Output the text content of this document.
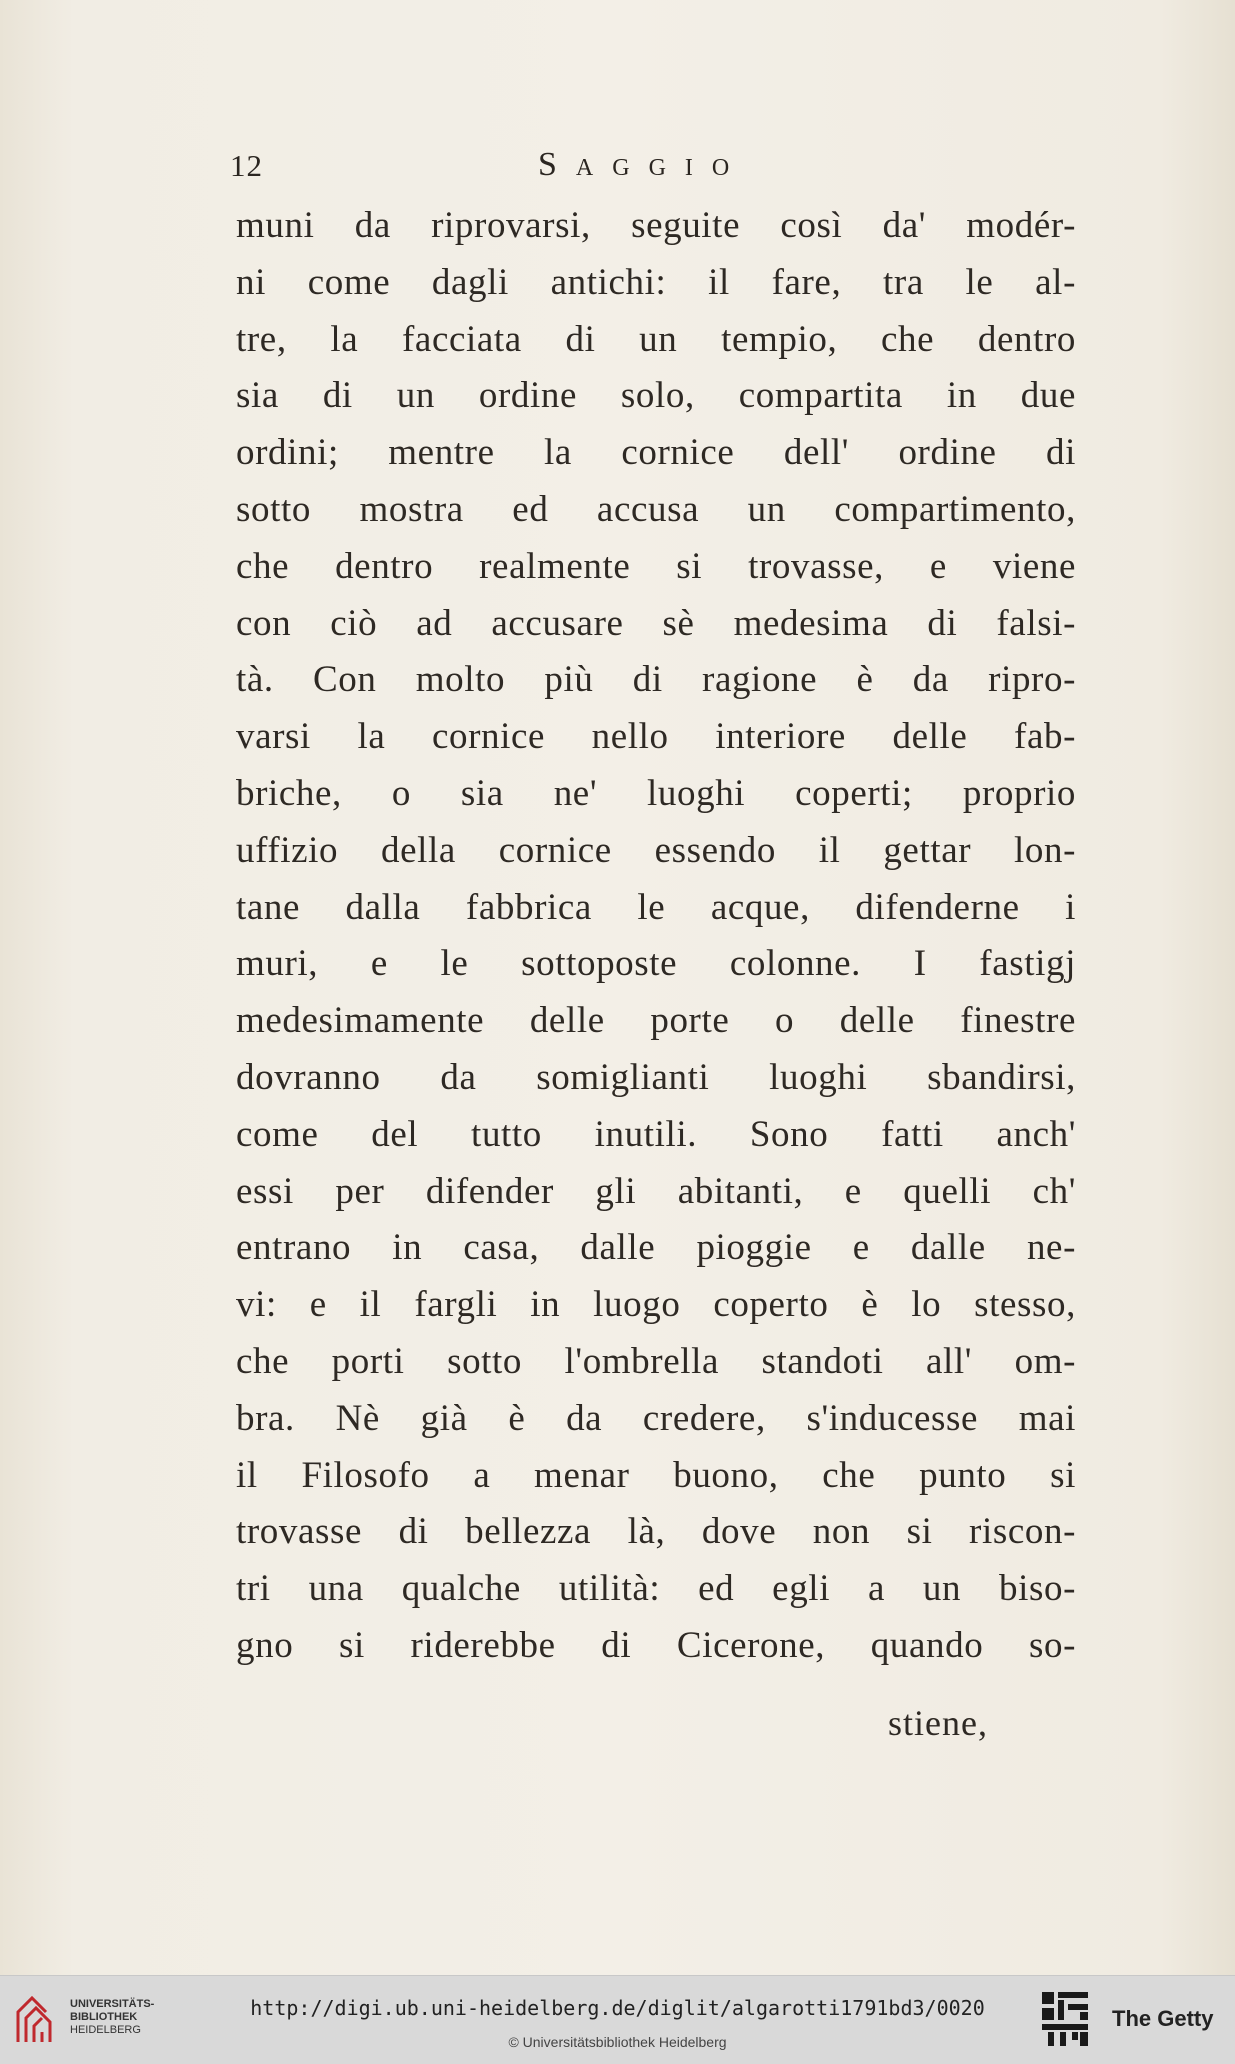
12	Saggio
muni da riprovarsi, seguite così da' modér-
ni come dagli antichi: il fare, tra le al-
tre, la facciata di un tempio, che dentro
sia di un ordine solo, compartita in due
ordini; mentre la cornice dell' ordine di
sotto mostra ed accusa un compartimento,
che dentro realmente si trovasse, e viene
con ciò ad accusare sè medesima di falsi-
tà. Con molto più di ragione è da ripro-
varsi la cornice nello interiore delle fab-
briche, o sia ne' luoghi coperti; proprio
uffizio della cornice essendo il gettar lon-
tane dalla fabbrica le acque, difenderne i
muri, e le sottoposte colonne. I fastigj
medesimamente delle porte o delle finestre
dovranno da somiglianti luoghi sbandirsi,
come del tutto inutili. Sono fatti anch'
essi per difender gli abitanti, e quelli ch'
entrano in casa, dalle pioggie e dalle ne-
vi: e il fargli in luogo coperto è lo stesso,
che porti sotto l'ombrella standoti all' om-
bra. Nè già è da credere, s'inducesse mai
il Filosofo a menar buono, che punto si
trovasse di bellezza là, dove non si riscon-
tri una qualche utilità: ed egli a un biso-
gno si riderebbe di Cicerone, quando so-
stiene,
UNIVERSITÄTS-
BIBLIOTHEK
HEIDELBERG
http://digi.ub.uni-heidelberg.de/diglit/algarotti1791bd3/0020
© Universitätsbibliothek Heidelberg
The Getty
